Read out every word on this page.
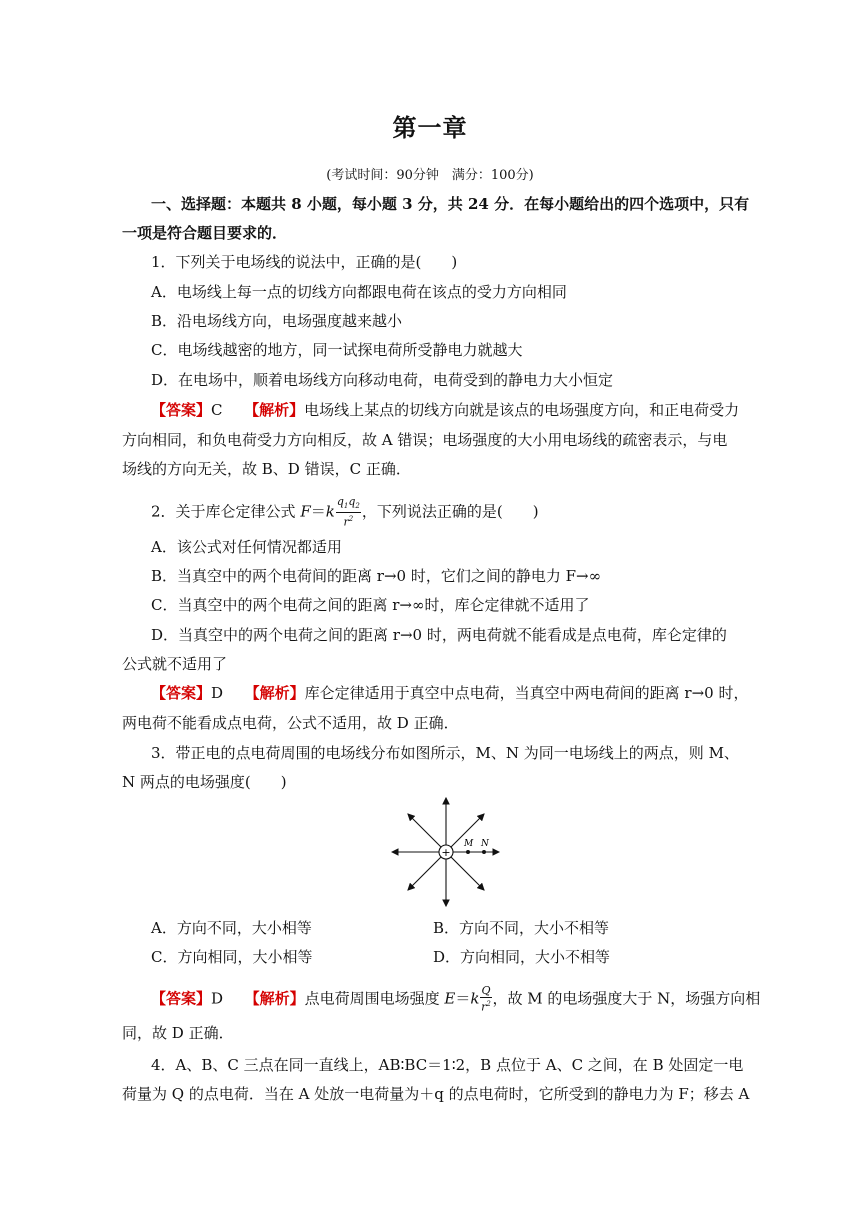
第一章
(考试时间：90分钟　满分：100分)
一、选择题：本题共 8 小题，每小题 3 分，共 24 分．在每小题给出的四个选项中，只有
一项是符合题目要求的．
1．下列关于电场线的说法中，正确的是(　　)
A．电场线上每一点的切线方向都跟电荷在该点的受力方向相同
B．沿电场线方向，电场强度越来越小
C．电场线越密的地方，同一试探电荷所受静电力就越大
D．在电场中，顺着电场线方向移动电荷，电荷受到的静电力大小恒定
【答案】C 【解析】电场线上某点的切线方向就是该点的电场强度方向，和正电荷受力
方向相同，和负电荷受力方向相反，故 A 错误；电场强度的大小用电场线的疏密表示，与电
场线的方向无关，故 B、D 错误，C 正确．
2．关于库仑定律公式 $F=k \frac{q_1q_2}{r^2}$ ，下列说法正确的是(　　)
A．该公式对任何情况都适用
B．当真空中的两个电荷间的距离 r→0 时，它们之间的静电力 F→∞
C．当真空中的两个电荷之间的距离 r→∞时，库仑定律就不适用了
D．当真空中的两个电荷之间的距离 r→0 时，两电荷就不能看成是点电荷，库仑定律的
公式就不适用了
【答案】D 【解析】库仑定律适用于真空中点电荷，当真空中两电荷间的距离 r→0 时，
两电荷不能看成点电荷，公式不适用，故 D 正确．
3．带正电的点电荷周围的电场线分布如图所示，M、N 为同一电场线上的两点，则 M、
N 两点的电场强度(　　)
+
M N
A．方向不同，大小相等	B．方向不同，大小不相等
C．方向相同，大小相等	D．方向相同，大小不相等
【答案】D 【解析】点电荷周围电场强度 $E=k \frac{Q}{r^2}$ ，故 M 的电场强度大于 N，场强方向相
同，故 D 正确．
4．A、B、C 三点在同一直线上，AB∶BC＝1∶2，B 点位于 A、C 之间，在 B 处固定一电
荷量为 Q 的点电荷．当在 A 处放一电荷量为＋q 的点电荷时，它所受到的静电力为 F；移去 A
